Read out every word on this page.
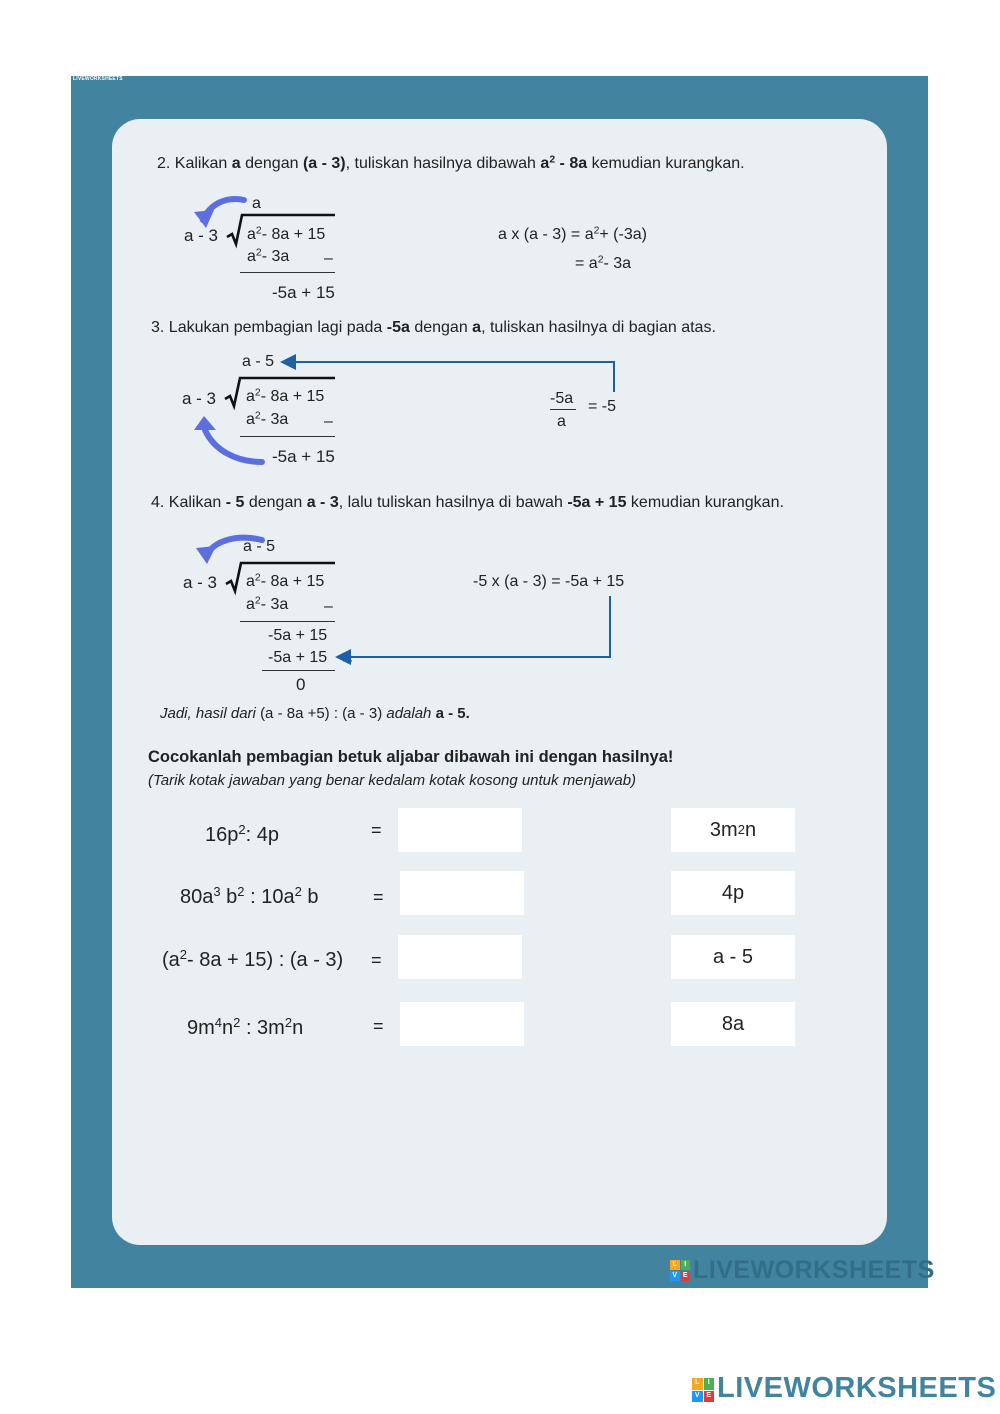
LIVEWORKSHEETS
2. Kalikan a dengan (a - 3), tuliskan hasilnya dibawah $a^2 - 8a$ kemudian kurangkan.
a
a - 3 $a^2-$ 8a + 15
$a^2-$ 3a –
-5a + 15
a x $(a - 3) = a^2+ (-3a)$
= $a^2-$ 3a
3. Lakukan pembagian lagi pada -5a dengan a, tuliskan hasilnya di bagian atas.
a - 5
a - 3 $a^2-$ 8a + 15
$a^2-$ 3a –
-5a + 15
-5a
a
= -5
4. Kalikan - 5 dengan a - 3, lalu tuliskan hasilnya di bawah -5a + 15 kemudian kurangkan.
a - 5
a - 3 $a^2-$ 8a + 15
$a^2-$ 3a –
-5a + 15
-5a + 15 –
0
-5 x (a - 3) = -5a + 15
Jadi, hasil dari (a - 8a +5) : (a - 3) adalah a - 5.
Cocokanlah pembagian betuk aljabar dibawah ini dengan hasilnya!
(Tarik kotak jawaban yang benar kedalam kotak kosong untuk menjawab)
$16p^2$: 4p	=
$80a^3$ $b^2$ : $10a^2$ b	=
($a^2-$ 8a + 15) : (a - 3) =
$9m^4n^2$ : $3m^2n$	=
3m 2 n
4p
a - 5
8a
L	I
V E LIVEWORKSHEETS
L	I
V E LIVEWORKSHEETS
